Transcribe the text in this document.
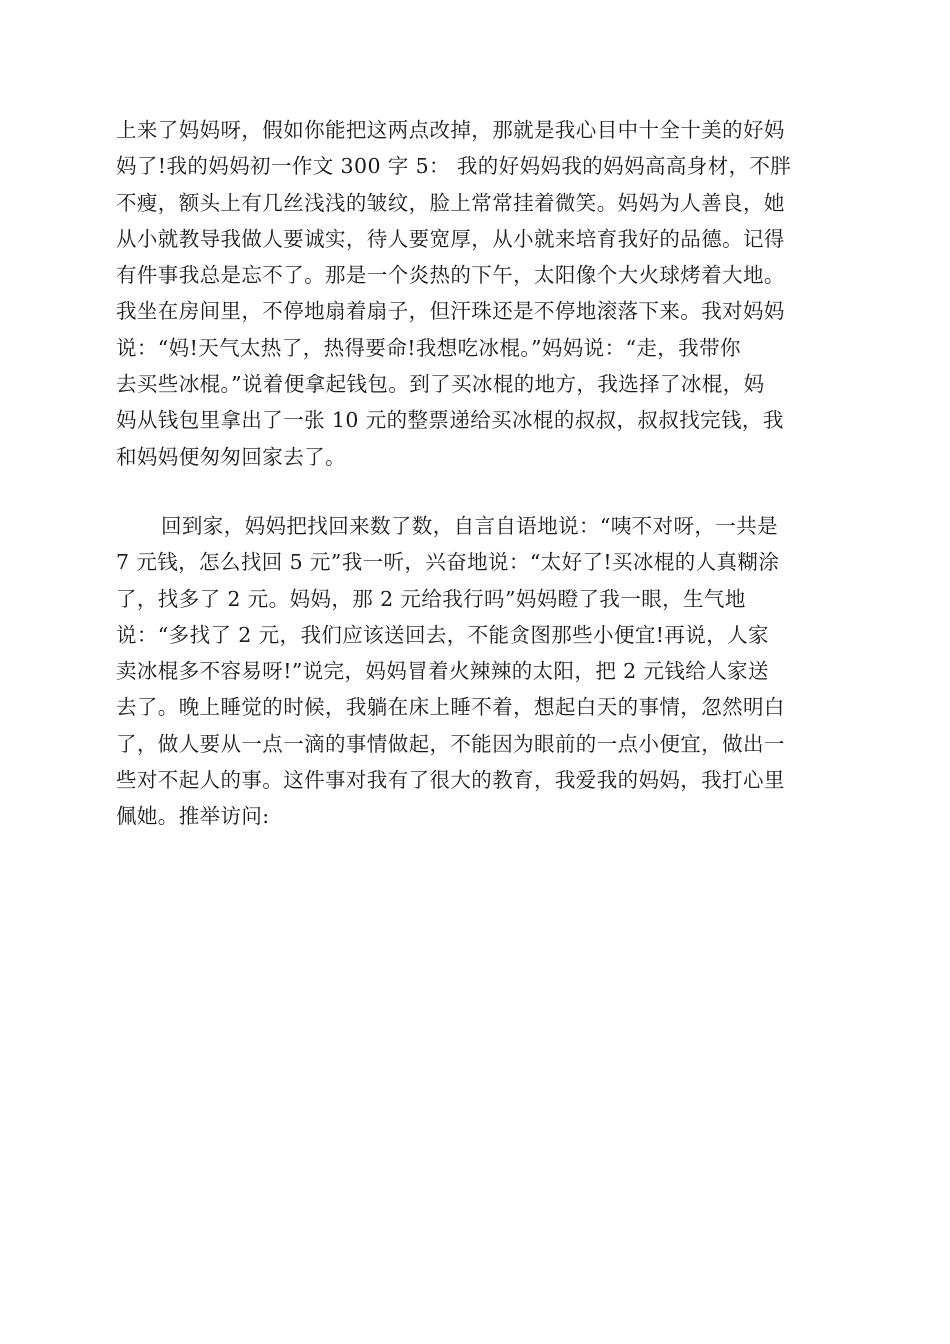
上来了妈妈呀，假如你能把这两点改掉，那就是我心目中十全十美的好妈
妈了!我的妈妈初一作文 300 字 5： 我的好妈妈我的妈妈高高身材，不胖
不瘦，额头上有几丝浅浅的皱纹，脸上常常挂着微笑。妈妈为人善良，她
从小就教导我做人要诚实，待人要宽厚，从小就来培育我好的品德。记得
有件事我总是忘不了。那是一个炎热的下午，太阳像个大火球烤着大地。
我坐在房间里，不停地扇着扇子，但汗珠还是不停地滚落下来。我对妈妈
说：“妈!天气太热了，热得要命!我想吃冰棍。”妈妈说：“走，我带你
去买些冰棍。”说着便拿起钱包。到了买冰棍的地方，我选择了冰棍，妈
妈从钱包里拿出了一张 10 元的整票递给买冰棍的叔叔，叔叔找完钱，我
和妈妈便匆匆回家去了。
回到家，妈妈把找回来数了数，自言自语地说：“咦不对呀，一共是
7 元钱，怎么找回 5 元”我一听，兴奋地说：“太好了!买冰棍的人真糊涂
了，找多了 2 元。妈妈，那 2 元给我行吗”妈妈瞪了我一眼，生气地
说：“多找了 2 元，我们应该送回去，不能贪图那些小便宜!再说，人家
卖冰棍多不容易呀!”说完，妈妈冒着火辣辣的太阳，把 2 元钱给人家送
去了。晚上睡觉的时候，我躺在床上睡不着，想起白天的事情，忽然明白
了，做人要从一点一滴的事情做起，不能因为眼前的一点小便宜，做出一
些对不起人的事。这件事对我有了很大的教育，我爱我的妈妈，我打心里
佩她。推举访问:
